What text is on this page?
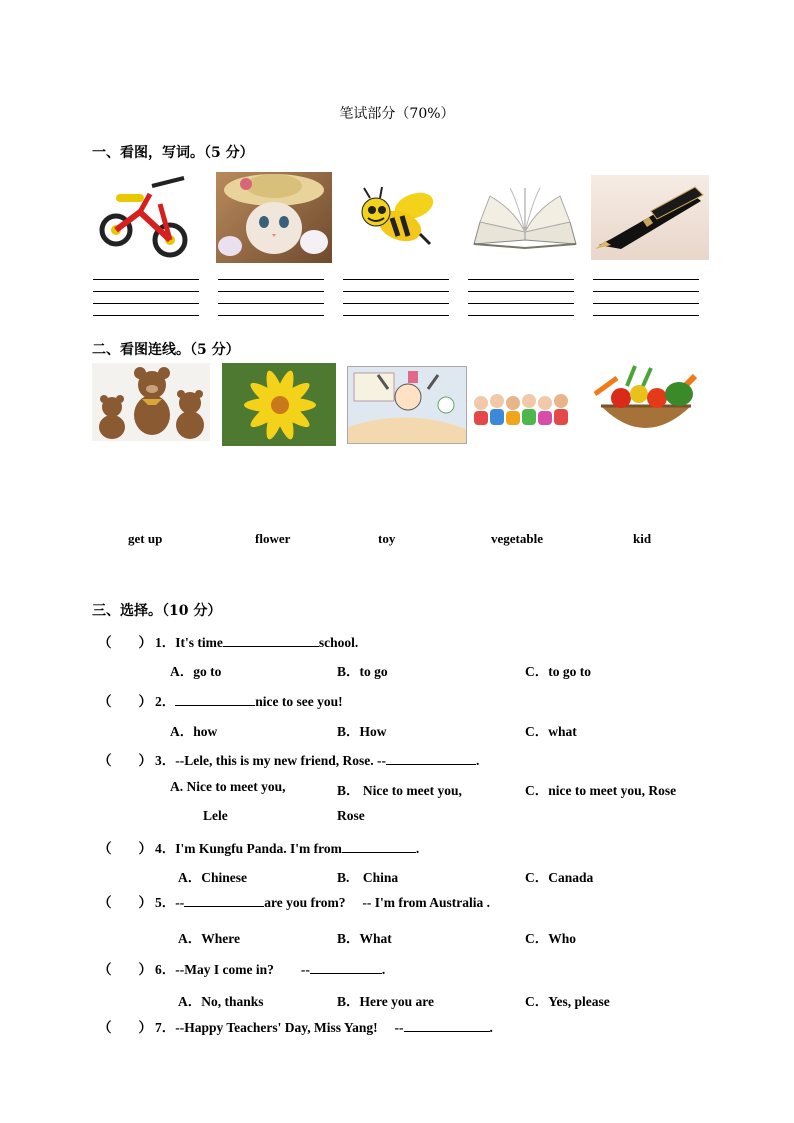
笔试部分（70%）
一、看图，写词。（5 分）
二、看图连线。（5 分）
get up	flower	toy	vegetable	kid
三、选择。（10 分）
（　　） 1．It's time	school.
A．go to	B．to go	C．to go to
（　　） 2．	nice to see you!
A．how	B．How	C．what
（　　） 3．--Lele, this is my new friend, Rose. --	.
A. Nice to meet you,	B． Nice to meet you,	C．nice to meet you, Rose
Lele	Rose
（　　） 4．I'm Kungfu Panda. I'm from	.
A．Chinese	B.　China	C．Canada
（　　） 5．--	are you from?　 -- I'm from Australia .
A．Where	B．What	C．Who
（　　） 6．--May I come in?　　--	.
A．No, thanks	B．Here you are	C．Yes, please
（　　） 7．--Happy Teachers' Day, Miss Yang!　 --	.
